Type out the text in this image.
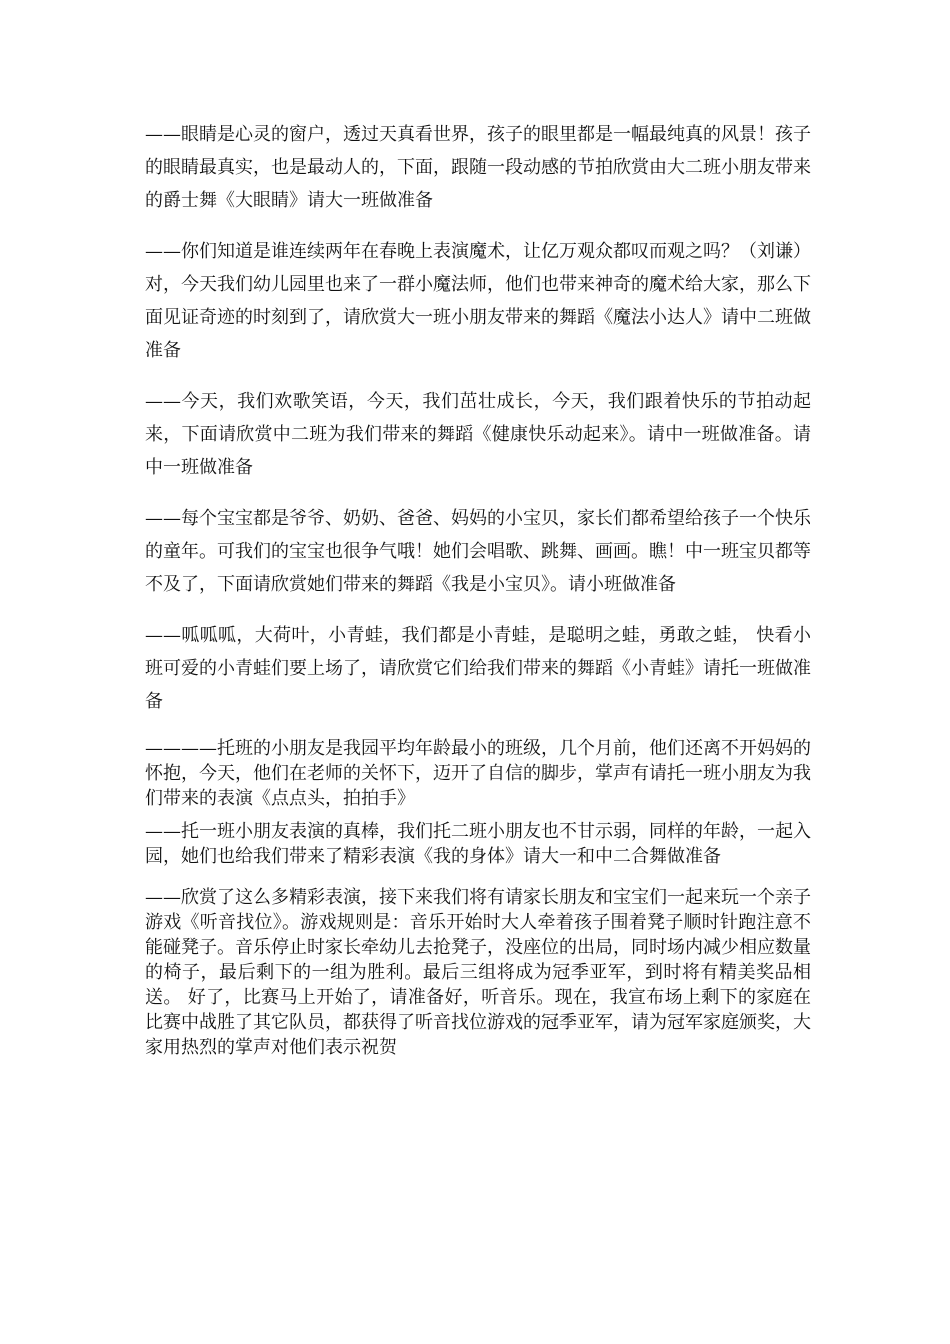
——眼睛是心灵的窗户，透过天真看世界，孩子的眼里都是一幅最纯真的风景！孩子的眼睛最真实，也是最动人的，下面，跟随一段动感的节拍欣赏由大二班小朋友带来的爵士舞《大眼睛》请大一班做准备

——你们知道是谁连续两年在春晚上表演魔术，让亿万观众都叹而观之吗？（刘谦）对，今天我们幼儿园里也来了一群小魔法师，他们也带来神奇的魔术给大家，那么下面见证奇迹的时刻到了，请欣赏大一班小朋友带来的舞蹈《魔法小达人》请中二班做准备

——今天，我们欢歌笑语，今天，我们茁壮成长，今天，我们跟着快乐的节拍动起来，下面请欣赏中二班为我们带来的舞蹈《健康快乐动起来》。请中一班做准备。请中一班做准备

——每个宝宝都是爷爷、奶奶、爸爸、妈妈的小宝贝，家长们都希望给孩子一个快乐的童年。可我们的宝宝也很争气哦！她们会唱歌、跳舞、画画。瞧！中一班宝贝都等不及了，下面请欣赏她们带来的舞蹈《我是小宝贝》。请小班做准备

——呱呱呱，大荷叶，小青蛙，我们都是小青蛙，是聪明之蛙，勇敢之蛙， 快看小班可爱的小青蛙们要上场了，请欣赏它们给我们带来的舞蹈《小青蛙》请托一班做准备

————托班的小朋友是我园平均年龄最小的班级，几个月前，他们还离不开妈妈的怀抱，今天，他们在老师的关怀下，迈开了自信的脚步，掌声有请托一班小朋友为我们带来的表演《点点头，拍拍手》

——托一班小朋友表演的真棒，我们托二班小朋友也不甘示弱，同样的年龄，一起入园，她们也给我们带来了精彩表演《我的身体》请大一和中二合舞做准备

——欣赏了这么多精彩表演，接下来我们将有请家长朋友和宝宝们一起来玩一个亲子游戏《听音找位》。游戏规则是：音乐开始时大人牵着孩子围着凳子顺时针跑注意不能碰凳子。音乐停止时家长牵幼儿去抢凳子，没座位的出局，同时场内减少相应数量的椅子，最后剩下的一组为胜利。最后三组将成为冠季亚军，到时将有精美奖品相送。 好了，比赛马上开始了，请准备好，听音乐。现在，我宣布场上剩下的家庭在比赛中战胜了其它队员，都获得了听音找位游戏的冠季亚军，请为冠军家庭颁奖，大家用热烈的掌声对他们表示祝贺
